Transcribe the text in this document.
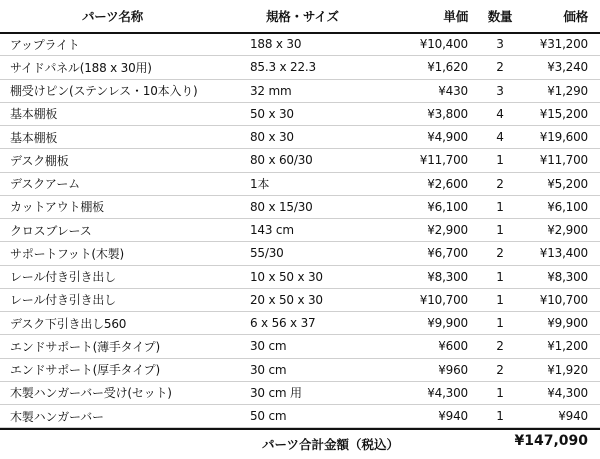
パーツ名称	規格・サイズ	単価	数量	価格
アップライト	188 x 30	¥10,400	3	¥31,200
サイドパネル(188 x 30用)	85.3 x 22.3	¥1,620	2	¥3,240
棚受けピン(ステンレス・10本入り)	32 mm	¥430	3	¥1,290
基本棚板	50 x 30	¥3,800	4	¥15,200
基本棚板	80 x 30	¥4,900	4	¥19,600
デスク棚板	80 x 60/30	¥11,700	1	¥11,700
デスクアーム	1本	¥2,600	2	¥5,200
カットアウト棚板	80 x 15/30	¥6,100	1	¥6,100
クロスブレース	143 cm	¥2,900	1	¥2,900
サポートフット(木製)	55/30	¥6,700	2	¥13,400
レール付き引き出し	10 x 50 x 30	¥8,300	1	¥8,300
レール付き引き出し	20 x 50 x 30	¥10,700	1	¥10,700
デスク下引き出し560	6 x 56 x 37	¥9,900	1	¥9,900
エンドサポート(薄手タイプ)	30 cm	¥600	2	¥1,200
エンドサポート(厚手タイプ)	30 cm	¥960	2	¥1,920
木製ハンガーバー受け(セット)	30 cm 用	¥4,300	1	¥4,300
木製ハンガーバー	50 cm	¥940	1	¥940
パーツ合計金額（税込）	¥147,090
